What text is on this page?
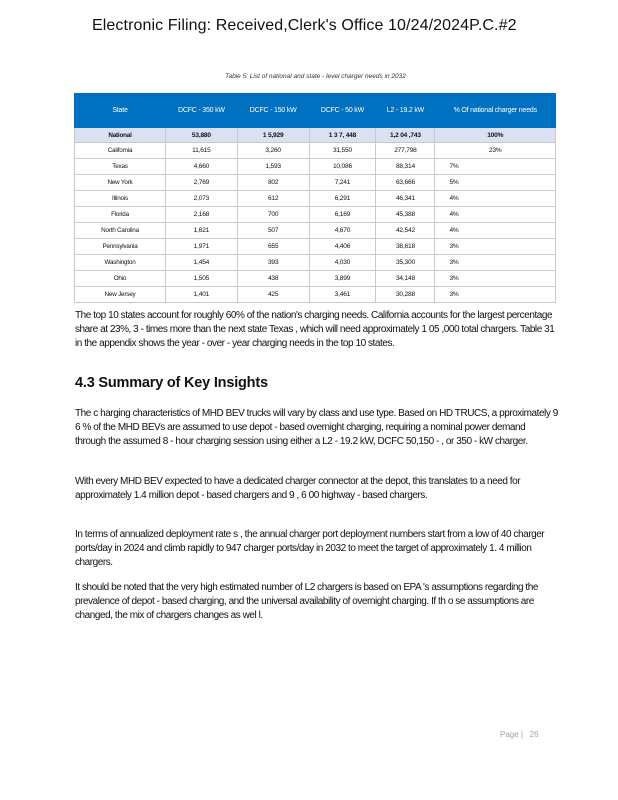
Electronic Filing: Received,Clerk's Office 10/24/2024P.C.#2
Table 5: List of national and state - level charger needs in 2032
State	DCFC - 350 kW	DCFC - 150 kW	DCFC - 50 kW	L2 - 19.2 kW	% Of national charger needs
National	53,880	1 5,929	1 3 7, 448	1,2 04 ,743	100%
California	11,615	3,260	31,550	277,798	23%
Texas	4,660	1,593	10,086	88,314	7%
New York	2,769	802	7,241	63,666	5%
Illinois	2,073	612	6,291	46,341	4%
Florida	2,168	700	6,169	45,388	4%
North Carolina	1,621	507	4,670	42,542	4%
Pennsylvania	1,971	655	4,406	38,618	3%
Washington	1,454	393	4,030	35,300	3%
Ohio	1,505	438	3,899	34,148	3%
New Jersey	1,401	425	3,461	30,288	3%
The top 10 states account for roughly 60% of the nation's charging needs. California accounts for the largest percentage share at 23%, 3 - times more than the next state Texas , which will need approximately 1 05 ,000 total chargers. Table 31 in the appendix shows the year - over - year charging needs in the top 10 states.
4.3 Summary of Key Insights
The c harging characteristics of MHD BEV trucks will vary by class and use type. Based on HD TRUCS, a pproximately 9 6 % of the MHD BEVs are assumed to use depot - based overnight charging, requiring a nominal power demand through the assumed 8 - hour charging session using either a L2 - 19.2 kW, DCFC 50,150 - , or 350 - kW charger.
With every MHD BEV expected to have a dedicated charger connector at the depot, this translates to a need for approximately 1.4 million depot - based chargers and 9 , 6 00 highway - based chargers.
In terms of annualized deployment rate s , the annual charger port deployment numbers start from a low of 40 charger ports/day in 2024 and climb rapidly to 947 charger ports/day in 2032 to meet the target of approximately 1. 4 million chargers.
It should be noted that the very high estimated number of L2 chargers is based on EPA 's assumptions regarding the prevalence of depot - based charging, and the universal availability of overnight charging. If th o se assumptions are changed, the mix of chargers changes as wel l.
Page | 26
